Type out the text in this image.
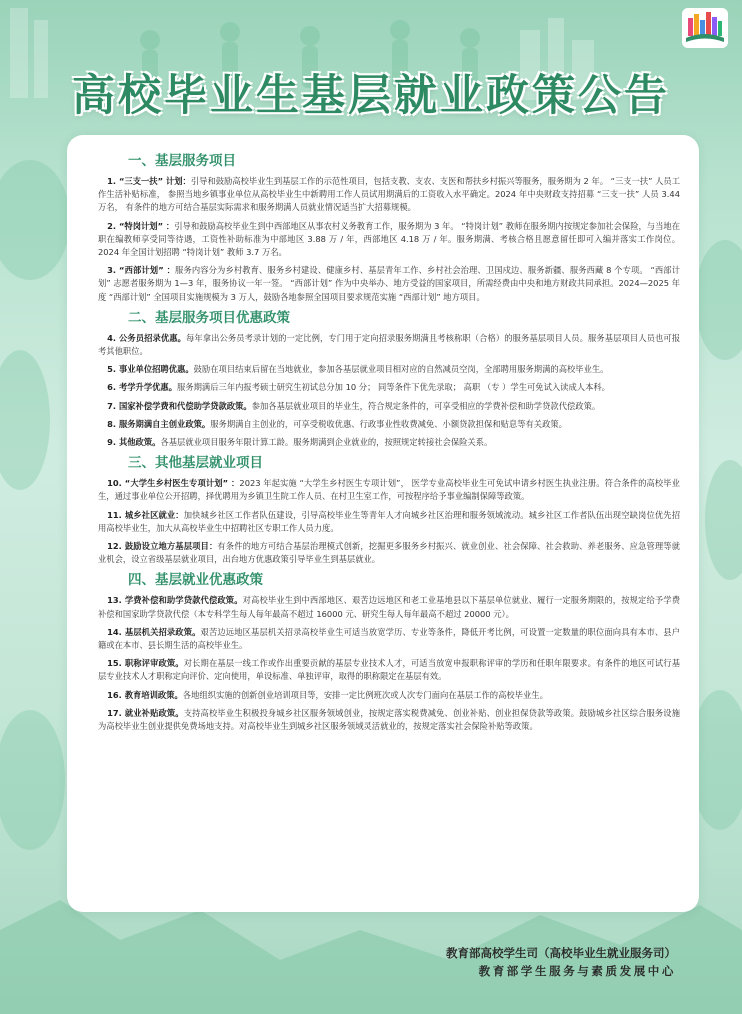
高校毕业生基层就业政策公告
一、基层服务项目

1. “三支一扶” 计划：引导和鼓励高校毕业生到基层工作的示范性项目，包括支教、支农、支医和帮扶乡村振兴等服务，服务期为 2 年。 “三支一扶” 人员工作生活补贴标准， 参照当地乡镇事业单位从高校毕业生中新聘用工作人员试用期满后的工资收入水平确定。2024 年中央财政支持招募 “三支一扶” 人员 3.44 万名， 有条件的地方可结合基层实际需求和服务期满人员就业情况适当扩大招募规模。

2. “特岗计划” ：引导和鼓励高校毕业生到中西部地区从事农村义务教育工作，服务期为 3 年。 “特岗计划” 教师在服务期内按规定参加社会保险，与当地在职在编教师享受同等待遇，工资性补助标准为中部地区 3.88 万 / 年，西部地区 4.18 万 / 年。服务期满、考核合格且愿意留任即可入编并落实工作岗位。2024 年全国计划招聘 “特岗计划” 教师 3.7 万名。

3. “西部计划” ：服务内容分为乡村教育、服务乡村建设、健康乡村、基层青年工作、乡村社会治理、卫国戍边、服务新疆、服务西藏 8 个专项。 “西部计划” 志愿者服务期为 1—3 年，服务协议一年一签。 “西部计划” 作为中央举办、地方受益的国家项目，所需经费由中央和地方财政共同承担。2024—2025 年度 “西部计划” 全国项目实施规模为 3 万人，鼓励各地参照全国项目要求规范实施 “西部计划” 地方项目。

二、基层服务项目优惠政策

4. 公务员招录优惠。每年拿出公务员考录计划的一定比例，专门用于定向招录服务期满且考核称职（合格）的服务基层项目人员。服务基层项目人员也可报考其他职位。

5. 事业单位招聘优惠。鼓励在项目结束后留在当地就业，参加各基层就业项目相对应的自然减员空岗，全部聘用服务期满的高校毕业生。

6. 考学升学优惠。服务期满后三年内报考硕士研究生初试总分加 10 分； 同等条件下优先录取； 高职 （专 ）学生可免试入读成人本科。

7. 国家补偿学费和代偿助学贷款政策。参加各基层就业项目的毕业生，符合规定条件的，可享受相应的学费补偿和助学贷款代偿政策。

8. 服务期满自主创业政策。服务期满自主创业的，可享受税收优惠、行政事业性收费减免、小额贷款担保和贴息等有关政策。

9. 其他政策。各基层就业项目服务年限计算工龄。服务期满到企业就业的，按照规定转接社会保险关系。

三、其他基层就业项目

10. “大学生乡村医生专项计划” ：2023 年起实施 “大学生乡村医生专项计划”， 医学专业高校毕业生可免试申请乡村医生执业注册。符合条件的高校毕业生，通过事业单位公开招聘，择优聘用为乡镇卫生院工作人员、在村卫生室工作，可按程序给予事业编制保障等政策。

11. 城乡社区就业：加快城乡社区工作者队伍建设，引导高校毕业生等青年人才向城乡社区治理和服务领域流动。城乡社区工作者队伍出现空缺岗位优先招用高校毕业生，加大从高校毕业生中招聘社区专职工作人员力度。

12. 鼓励设立地方基层项目：有条件的地方可结合基层治理模式创新，挖掘更多服务乡村振兴、就业创业、社会保障、社会救助、养老服务、应急管理等就业机会，设立省级基层就业项目，出台地方优惠政策引导毕业生到基层就业。

四、基层就业优惠政策

13. 学费补偿和助学贷款代偿政策。对高校毕业生到中西部地区、艰苦边远地区和老工业基地县以下基层单位就业、履行一定服务期限的，按规定给予学费补偿和国家助学贷款代偿（本专科学生每人每年最高不超过 16000 元、研究生每人每年最高不超过 20000 元）。

14. 基层机关招录政策。艰苦边远地区基层机关招录高校毕业生可适当放宽学历、专业等条件，降低开考比例，可设置一定数量的职位面向具有本市、县户籍或在本市、县长期生活的高校毕业生。

15. 职称评审政策。对长期在基层一线工作或作出重要贡献的基层专业技术人才，可适当放宽申报职称评审的学历和任职年限要求。有条件的地区可试行基层专业技术人才职称定向评价、定向使用，单设标准、单独评审，取得的职称限定在基层有效。

16. 教育培训政策。各地组织实施的创新创业培训项目等，安排一定比例班次或人次专门面向在基层工作的高校毕业生。

17. 就业补贴政策。支持高校毕业生积极投身城乡社区服务领域创业，按规定落实税费减免、创业补贴、创业担保贷款等政策。鼓励城乡社区综合服务设施为高校毕业生创业提供免费场地支持。对高校毕业生到城乡社区服务领域灵活就业的，按规定落实社会保险补贴等政策。

教育部高校学生司（高校毕业生就业服务司）
教育部学生服务与素质发展中心
